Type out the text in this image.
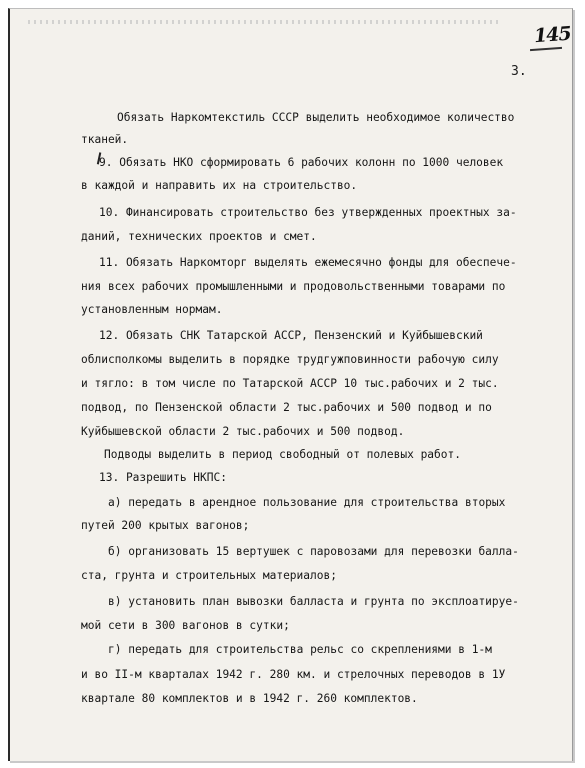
145
3.
Обязать Наркомтекстиль СССР выделить необходимое количество
тканей.
9. Обязать НКО сформировать 6 рабочих колонн по 1000 человек
в каждой и направить их на строительство.
10. Финансировать строительство без утвержденных проектных за-
даний, технических проектов и смет.
11. Обязать Наркомторг выделять ежемесячно фонды для обеспече-
ния всех рабочих промышленными и продовольственными товарами по
установленным нормам.
12. Обязать СНК Татарской АССР, Пензенский и Куйбышевский
облисполкомы выделить в порядке трудгужповинности рабочую силу
и тягло: в том числе по Татарской АССР 10 тыс.рабочих и 2 тыс.
подвод, по Пензенской области 2 тыс.рабочих и 500 подвод и по
Куйбышевской области 2 тыс.рабочих и 500 подвод.
Подводы выделить в период свободный от полевых работ.
13. Разрешить НКПС:
а) передать в арендное пользование для строительства вторых
путей 200 крытых вагонов;
б) организовать 15 вертушек с паровозами для перевозки балла-
ста, грунта и строительных материалов;
в) установить план вывозки балласта и грунта по эксплоатируе-
мой сети в 300 вагонов в сутки;
г) передать для строительства рельс со скреплениями в 1-м
и во II-м кварталах 1942 г. 280 км. и стрелочных переводов в 1У
квартале 80 комплектов и в 1942 г. 260 комплектов.
